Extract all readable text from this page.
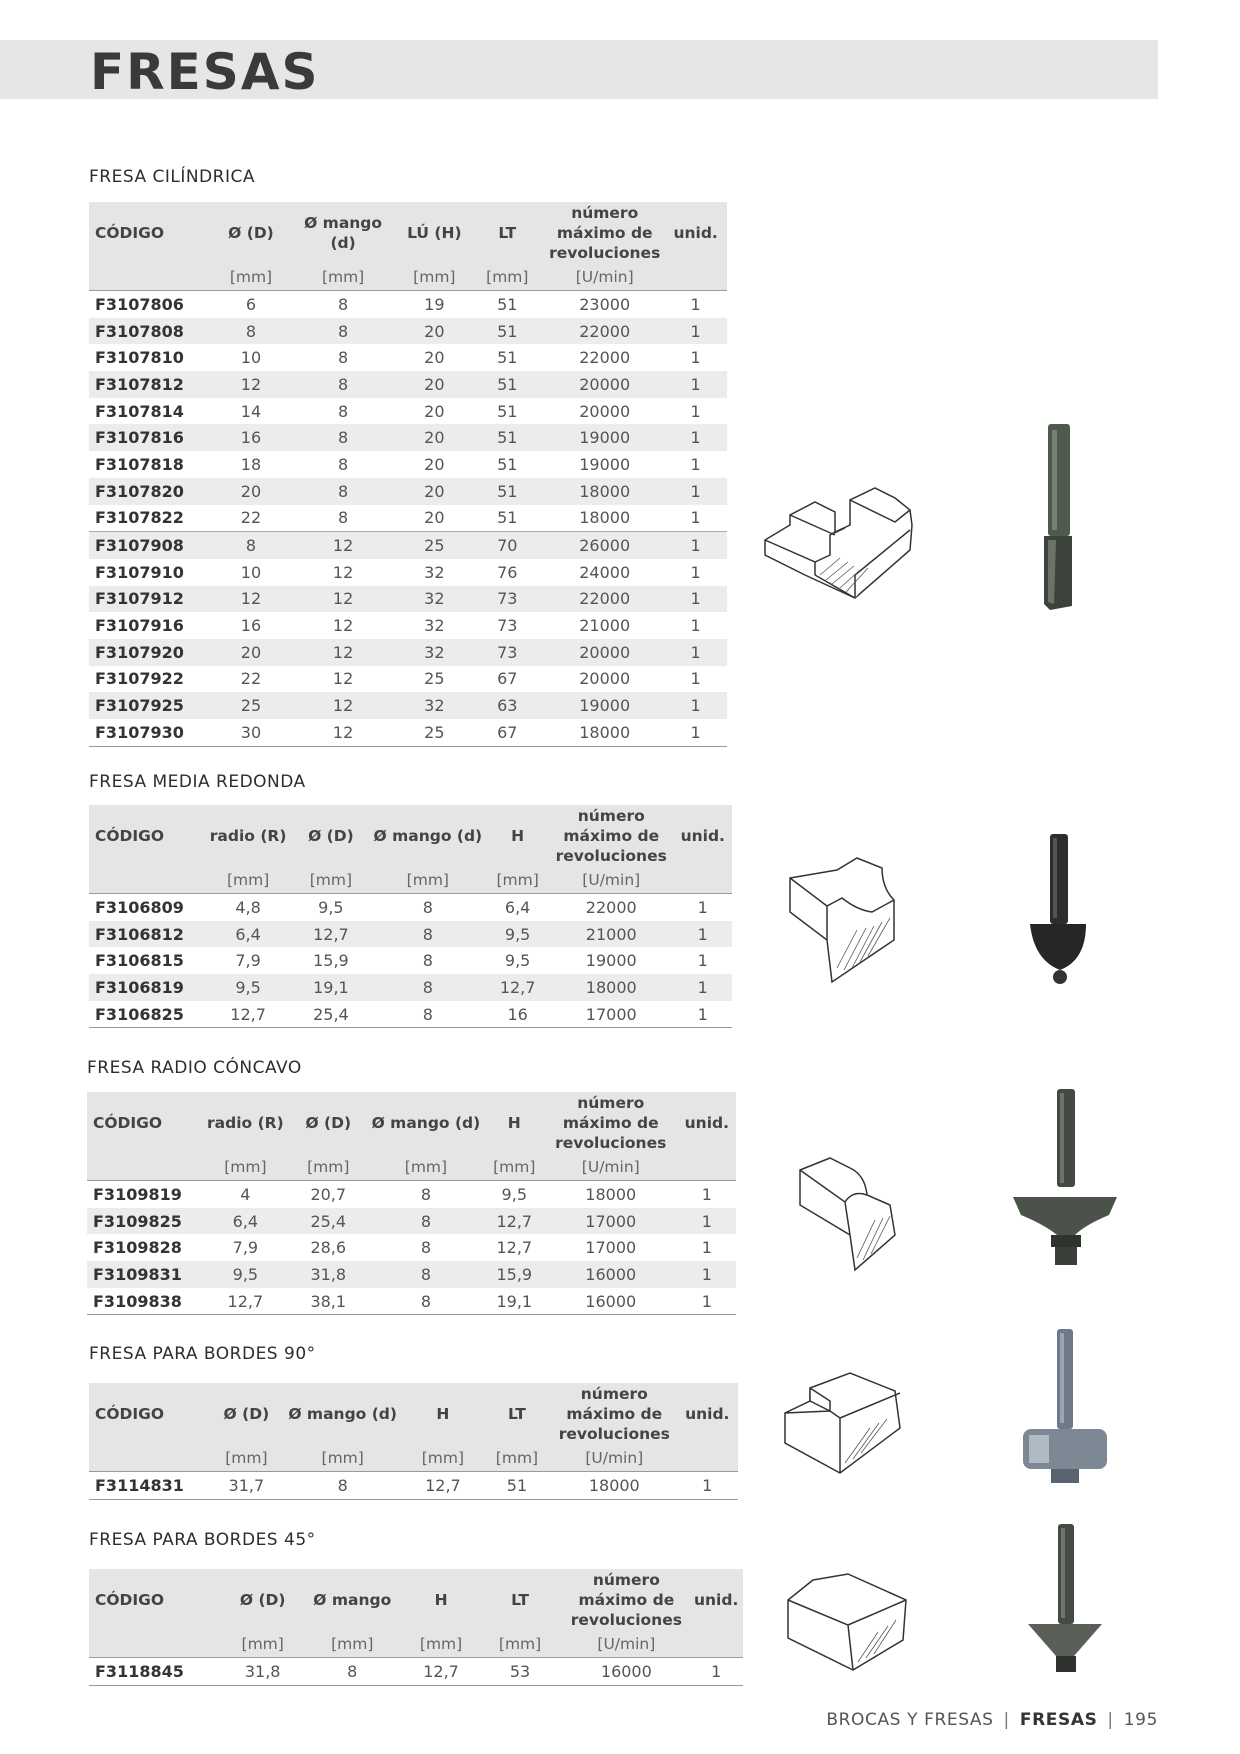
FRESAS
FRESA CILÍNDRICA
CÓDIGO	Ø (D)	Ø mango (d)	LÚ (H)	LT	número máximo de revoluciones	unid.
	[mm]	[mm]	[mm]	[mm]	[U/min]	
F3107806	6	8	19	51	23000	1
F3107808	8	8	20	51	22000	1
F3107810	10	8	20	51	22000	1
F3107812	12	8	20	51	20000	1
F3107814	14	8	20	51	20000	1
F3107816	16	8	20	51	19000	1
F3107818	18	8	20	51	19000	1
F3107820	20	8	20	51	18000	1
F3107822	22	8	20	51	18000	1
F3107908	8	12	25	70	26000	1
F3107910	10	12	32	76	24000	1
F3107912	12	12	32	73	22000	1
F3107916	16	12	32	73	21000	1
F3107920	20	12	32	73	20000	1
F3107922	22	12	25	67	20000	1
F3107925	25	12	32	63	19000	1
F3107930	30	12	25	67	18000	1
FRESA MEDIA REDONDA
CÓDIGO	radio (R)	Ø (D)	Ø mango (d)	H	número máximo de revoluciones	unid.
	[mm]	[mm]	[mm]	[mm]	[U/min]	
F3106809	4,8	9,5	8	6,4	22000	1
F3106812	6,4	12,7	8	9,5	21000	1
F3106815	7,9	15,9	8	9,5	19000	1
F3106819	9,5	19,1	8	12,7	18000	1
F3106825	12,7	25,4	8	16	17000	1
FRESA RADIO CÓNCAVO
CÓDIGO	radio (R)	Ø (D)	Ø mango (d)	H	número máximo de revoluciones	unid.
	[mm]	[mm]	[mm]	[mm]	[U/min]	
F3109819	4	20,7	8	9,5	18000	1
F3109825	6,4	25,4	8	12,7	17000	1
F3109828	7,9	28,6	8	12,7	17000	1
F3109831	9,5	31,8	8	15,9	16000	1
F3109838	12,7	38,1	8	19,1	16000	1
FRESA PARA BORDES 90°
CÓDIGO	Ø (D)	Ø mango (d)	H	LT	número máximo de revoluciones	unid.
	[mm]	[mm]	[mm]	[mm]	[U/min]	
F3114831	31,7	8	12,7	51	18000	1
FRESA PARA BORDES 45°
CÓDIGO	Ø (D)	Ø mango	H	LT	número máximo de revoluciones	unid.
	[mm]	[mm]	[mm]	[mm]	[U/min]	
F3118845	31,8	8	12,7	53	16000	1
BROCAS Y FRESAS | FRESAS | 195
